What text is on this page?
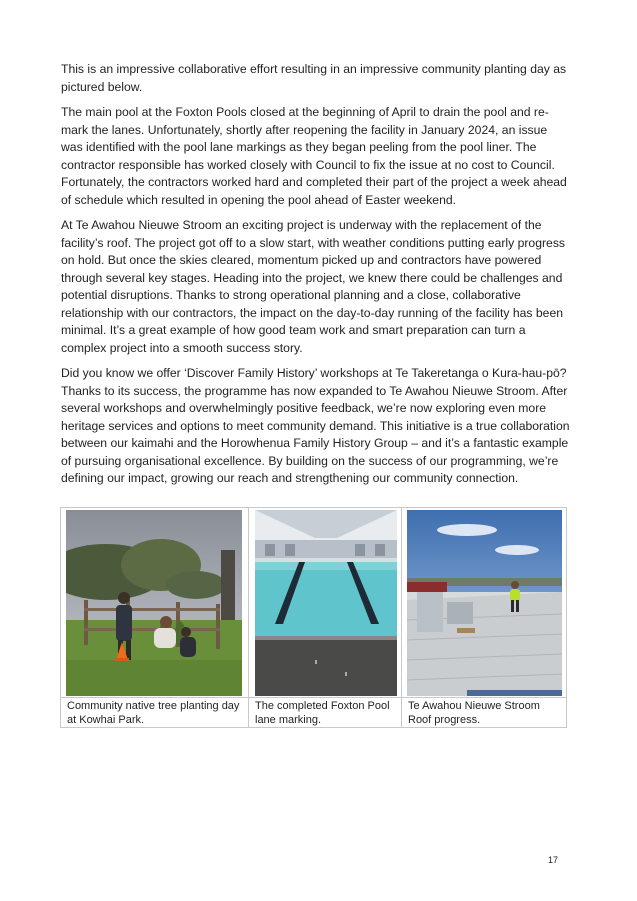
This is an impressive collaborative effort resulting in an impressive community planting day as pictured below.

The main pool at the Foxton Pools closed at the beginning of April to drain the pool and re-mark the lanes. Unfortunately, shortly after reopening the facility in January 2024, an issue was identified with the pool lane markings as they began peeling from the pool liner. The contractor responsible has worked closely with Council to fix the issue at no cost to Council. Fortunately, the contractors worked hard and completed their part of the project a week ahead of schedule which resulted in opening the pool ahead of Easter weekend.

At Te Awahou Nieuwe Stroom an exciting project is underway with the replacement of the facility’s roof. The project got off to a slow start, with weather conditions putting early progress on hold. But once the skies cleared, momentum picked up and contractors have powered through several key stages. Heading into the project, we knew there could be challenges and potential disruptions. Thanks to strong operational planning and a close, collaborative relationship with our contractors, the impact on the day-to-day running of the facility has been minimal. It’s a great example of how good team work and smart preparation can turn a complex project into a smooth success story.

Did you know we offer ‘Discover Family History’ workshops at Te Takeretanga o Kura-hau-pō? Thanks to its success, the programme has now expanded to Te Awahou Nieuwe Stroom. After several workshops and overwhelmingly positive feedback, we’re now exploring even more heritage services and options to meet community demand. This initiative is a true collaboration between our kaimahi and the Horowhenua Family History Group – and it’s a fantastic example of pursuing organisational excellence. By building on the success of our programming, we’re defining our impact, growing our reach and strengthening our community connection.

Community native tree planting day at Kowhai Park.
The completed Foxton Pool lane marking.
Te Awahou Nieuwe Stroom Roof progress.
17
